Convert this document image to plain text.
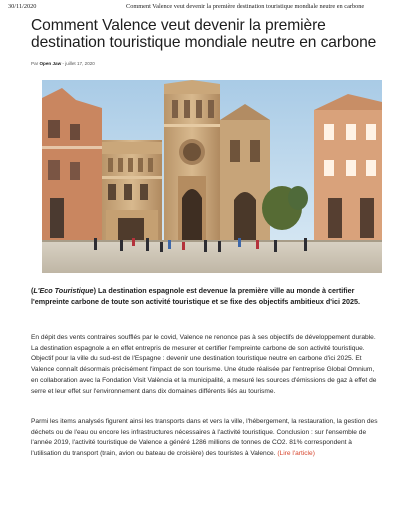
30/11/2020	Comment Valence veut devenir la première destination touristique mondiale neutre en carbone
Comment Valence veut devenir la première destination touristique mondiale neutre en carbone
Par Open Jaw - juillet 17, 2020

(L'Eco Touristique) La destination espagnole est devenue la première ville au monde à certifier l'empreinte carbone de toute son activité touristique et se fixe des objectifs ambitieux d'ici 2025.

En dépit des vents contraires soufflés par le covid, Valence ne renonce pas à ses objectifs de développement durable. La destination espagnole a en effet entrepris de mesurer et certifier l'empreinte carbone de son activité touristique. Objectif pour la ville du sud-est de l'Espagne : devenir une destination touristique neutre en carbone d'ici 2025. Et Valence connaît désormais précisément l'impact de son tourisme. Une étude réalisée par l'entreprise Global Omnium, en collaboration avec la Fondation Visit València et la municipalité, a mesuré les sources d'émissions de gaz à effet de serre et leur effet sur l'environnement dans dix domaines différents liés au tourisme.

Parmi les items analysés figurent ainsi les transports dans et vers la ville, l'hébergement, la restauration, la gestion des déchets ou de l'eau ou encore les infrastructures nécessaires à l'activité touristique. Conclusion : sur l'ensemble de l'année 2019, l'activité touristique de Valence a généré 1286 millions de tonnes de CO2. 81% correspondent à l'utilisation du transport (train, avion ou bateau de croisière) des touristes à Valence. (Lire l'article)
